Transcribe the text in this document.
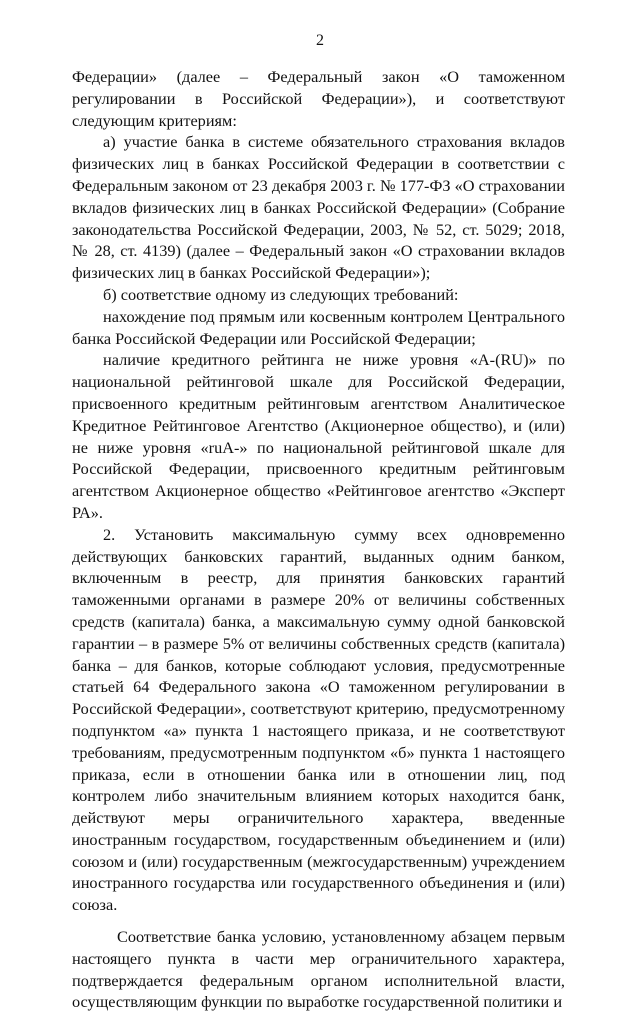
2

Федерации» (далее – Федеральный закон «О таможенном регулировании в Российской Федерации»), и соответствуют следующим критериям:

а) участие банка в системе обязательного страхования вкладов физических лиц в банках Российской Федерации в соответствии с Федеральным законом от 23 декабря 2003 г. № 177-ФЗ «О страховании вкладов физических лиц в банках Российской Федерации» (Собрание законодательства Российской Федерации, 2003, № 52, ст. 5029; 2018, № 28, ст. 4139) (далее – Федеральный закон «О страховании вкладов физических лиц в банках Российской Федерации»);

б) соответствие одному из следующих требований:

нахождение под прямым или косвенным контролем Центрального банка Российской Федерации или Российской Федерации;

наличие кредитного рейтинга не ниже уровня «A-(RU)» по национальной рейтинговой шкале для Российской Федерации, присвоенного кредитным рейтинговым агентством Аналитическое Кредитное Рейтинговое Агентство (Акционерное общество), и (или) не ниже уровня «ruA-» по национальной рейтинговой шкале для Российской Федерации, присвоенного кредитным рейтинговым агентством Акционерное общество «Рейтинговое агентство «Эксперт РА».

2. Установить максимальную сумму всех одновременно действующих банковских гарантий, выданных одним банком, включенным в реестр, для принятия банковских гарантий таможенными органами в размере 20% от величины собственных средств (капитала) банка, а максимальную сумму одной банковской гарантии – в размере 5% от величины собственных средств (капитала) банка – для банков, которые соблюдают условия, предусмотренные статьей 64 Федерального закона «О таможенном регулировании в Российской Федерации», соответствуют критерию, предусмотренному подпунктом «а» пункта 1 настоящего приказа, и не соответствуют требованиям, предусмотренным подпунктом «б» пункта 1 настоящего приказа, если в отношении банка или в отношении лиц, под контролем либо значительным влиянием которых находится банк, действуют меры ограничительного характера, введенные иностранным государством, государственным объединением и (или) союзом и (или) государственным (межгосударственным) учреждением иностранного государства или государственного объединения и (или) союза.

Соответствие банка условию, установленному абзацем первым настоящего пункта в части мер ограничительного характера, подтверждается федеральным органом исполнительной власти, осуществляющим функции по выработке государственной политики и
